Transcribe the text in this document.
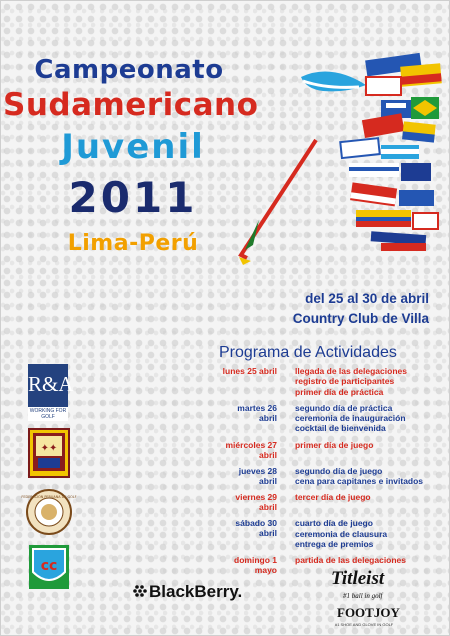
Campeonato
Sudamericano
Juvenil
2011
Lima-Perú
del 25 al 30 de abril
Country Club de Villa
Programa de Actividades
lunes 25 abril	llegada de las delegaciones
registro de participantes
primer día de práctica
martes 26 abril
segundo día de práctica
ceremonia de inauguración
cocktail de bienvenida
miércoles 27 abril
primer día de juego
jueves 28 abril
segundo día de juego
cena para capitanes e invitados
viernes 29 abril
tercer día de juego
sábado 30 abril
cuarto día de juego
ceremonia de clausura
entrega de premios
domingo 1 mayo
partida de las delegaciones
R&A
WORKING FOR GOLF
✦✦
FEDERACION PERUANA DE GOLF
cc
BlackBerry.
Titleist
#1 ball in golf
FOOTJOY
#1 SHOE AND GLOVE IN GOLF
